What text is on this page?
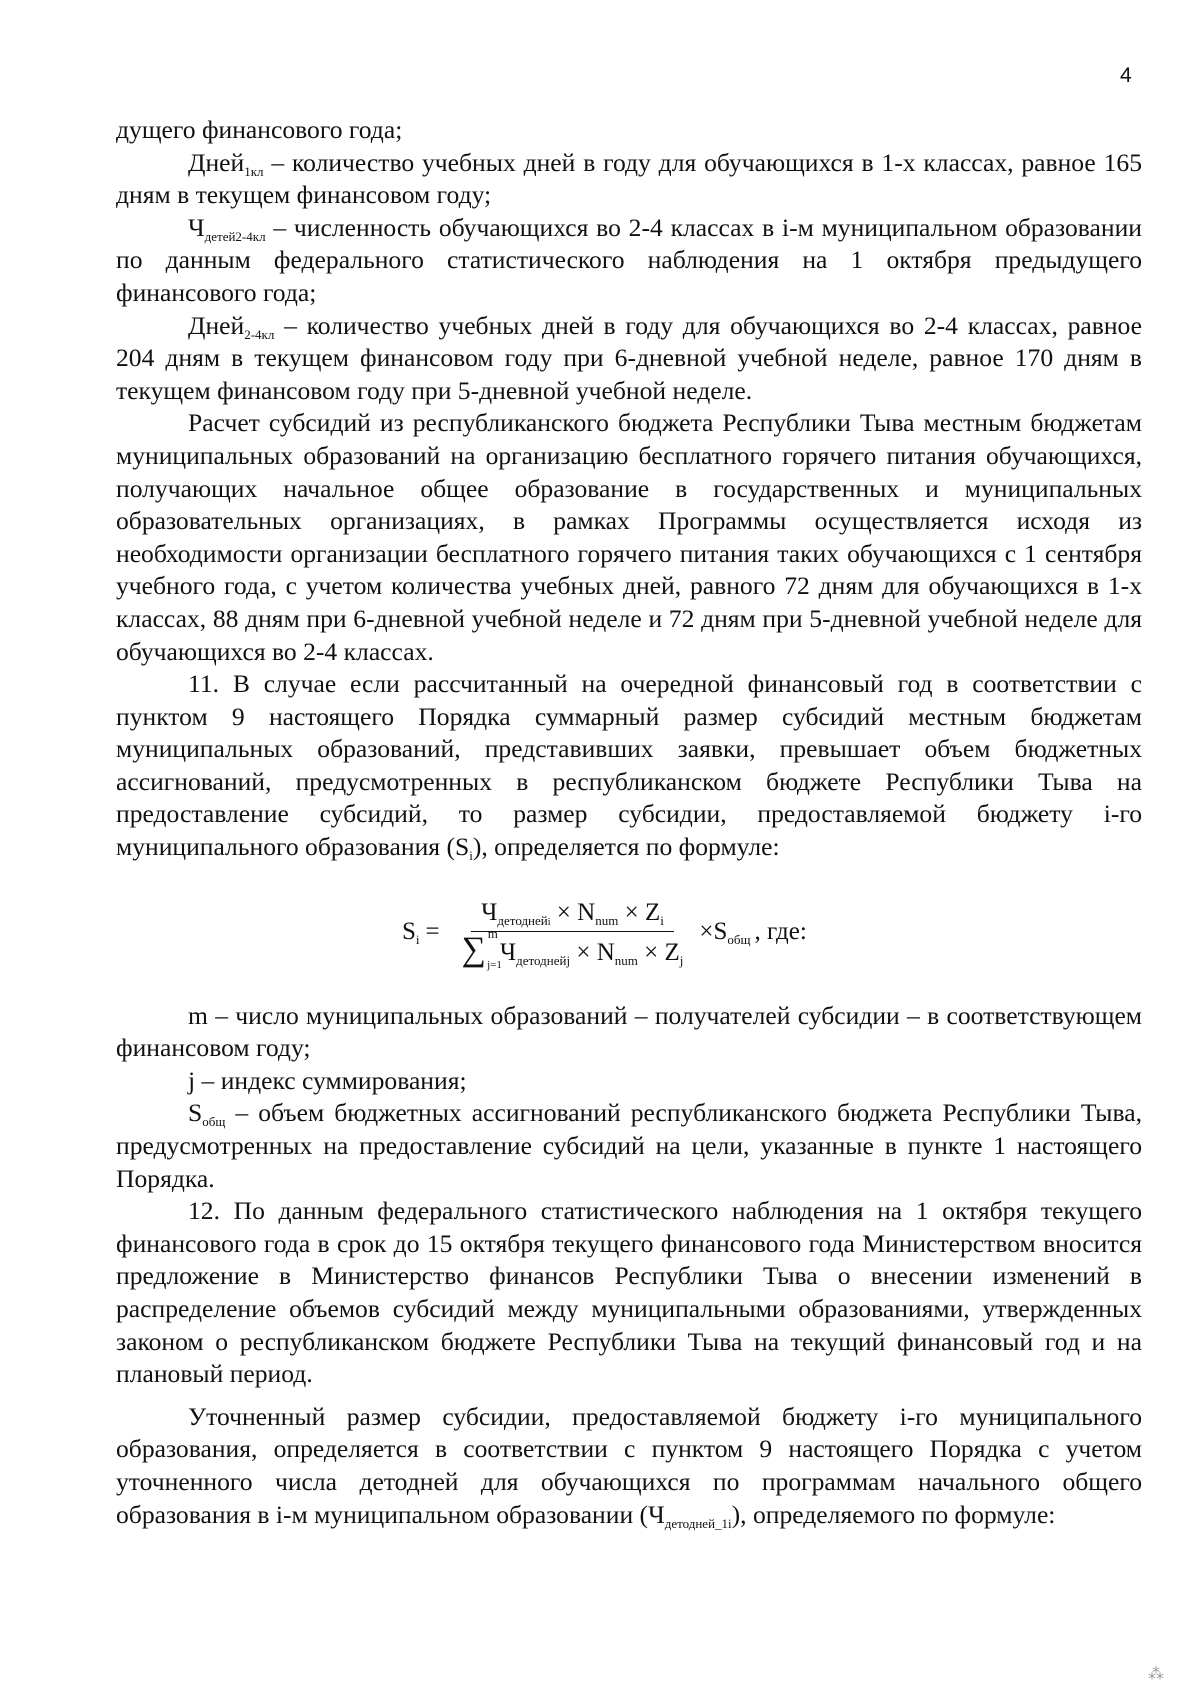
4

дущего финансового года;

Дней$_{1кл}$ – количество учебных дней в году для обучающихся в 1-х классах, равное 165 дням в текущем финансовом году;

$Ч_{детей2-4кл}$ – численность обучающихся во 2-4 классах в i-м муниципальном образовании по данным федерального статистического наблюдения на 1 октября предыдущего финансового года;

Дней$_{2-4кл}$ – количество учебных дней в году для обучающихся во 2-4 классах, равное 204 дням в текущем финансовом году при 6-дневной учебной неделе, равное 170 дням в текущем финансовом году при 5-дневной учебной неделе.

Расчет субсидий из республиканского бюджета Республики Тыва местным бюджетам муниципальных образований на организацию бесплатного горячего питания обучающихся, получающих начальное общее образование в государственных и муниципальных образовательных организациях, в рамках Программы осуществляется исходя из необходимости организации бесплатного горячего питания таких обучающихся с 1 сентября учебного года, с учетом количества учебных дней, равного 72 дням для обучающихся в 1-х классах, 88 дням при 6-дневной учебной неделе и 72 дням при 5-дневной учебной неделе для обучающихся во 2-4 классах.

11. В случае если рассчитанный на очередной финансовый год в соответствии с пунктом 9 настоящего Порядка суммарный размер субсидий местным бюджетам муниципальных образований, представивших заявки, превышает объем бюджетных ассигнований, предусмотренных в республиканском бюджете Республики Тыва на предоставление субсидий, то размер субсидии, предоставляемой бюджету i-го муниципального образования $(S_i)$, определяется по формуле:

$S_i = Ч_{детоднейi} \times N_{num} \times Z_i$
∑ m
j=1
$Ч_{детоднейj} \times N_{num} \times Z_j \times S_{общ}$ , где:

m – число муниципальных образований – получателей субсидии – в соответствующем финансовом году;

j – индекс суммирования;

$S_{общ}$ – объем бюджетных ассигнований республиканского бюджета Республики Тыва, предусмотренных на предоставление субсидий на цели, указанные в пункте 1 настоящего Порядка.

12. По данным федерального статистического наблюдения на 1 октября текущего финансового года в срок до 15 октября текущего финансового года Министерством вносится предложение в Министерство финансов Республики Тыва о внесении изменений в распределение объемов субсидий между муниципальными образованиями, утвержденных законом о республиканском бюджете Республики Тыва на текущий финансовый год и на плановый период.

Уточненный размер субсидии, предоставляемой бюджету i-го муниципального образования, определяется в соответствии с пунктом 9 настоящего Порядка с учетом уточненного числа детодней для обучающихся по программам начального общего образования в i-м муниципальном образовании $(Ч_{детодней\_1i})$, определяемого по формуле:

⁂
